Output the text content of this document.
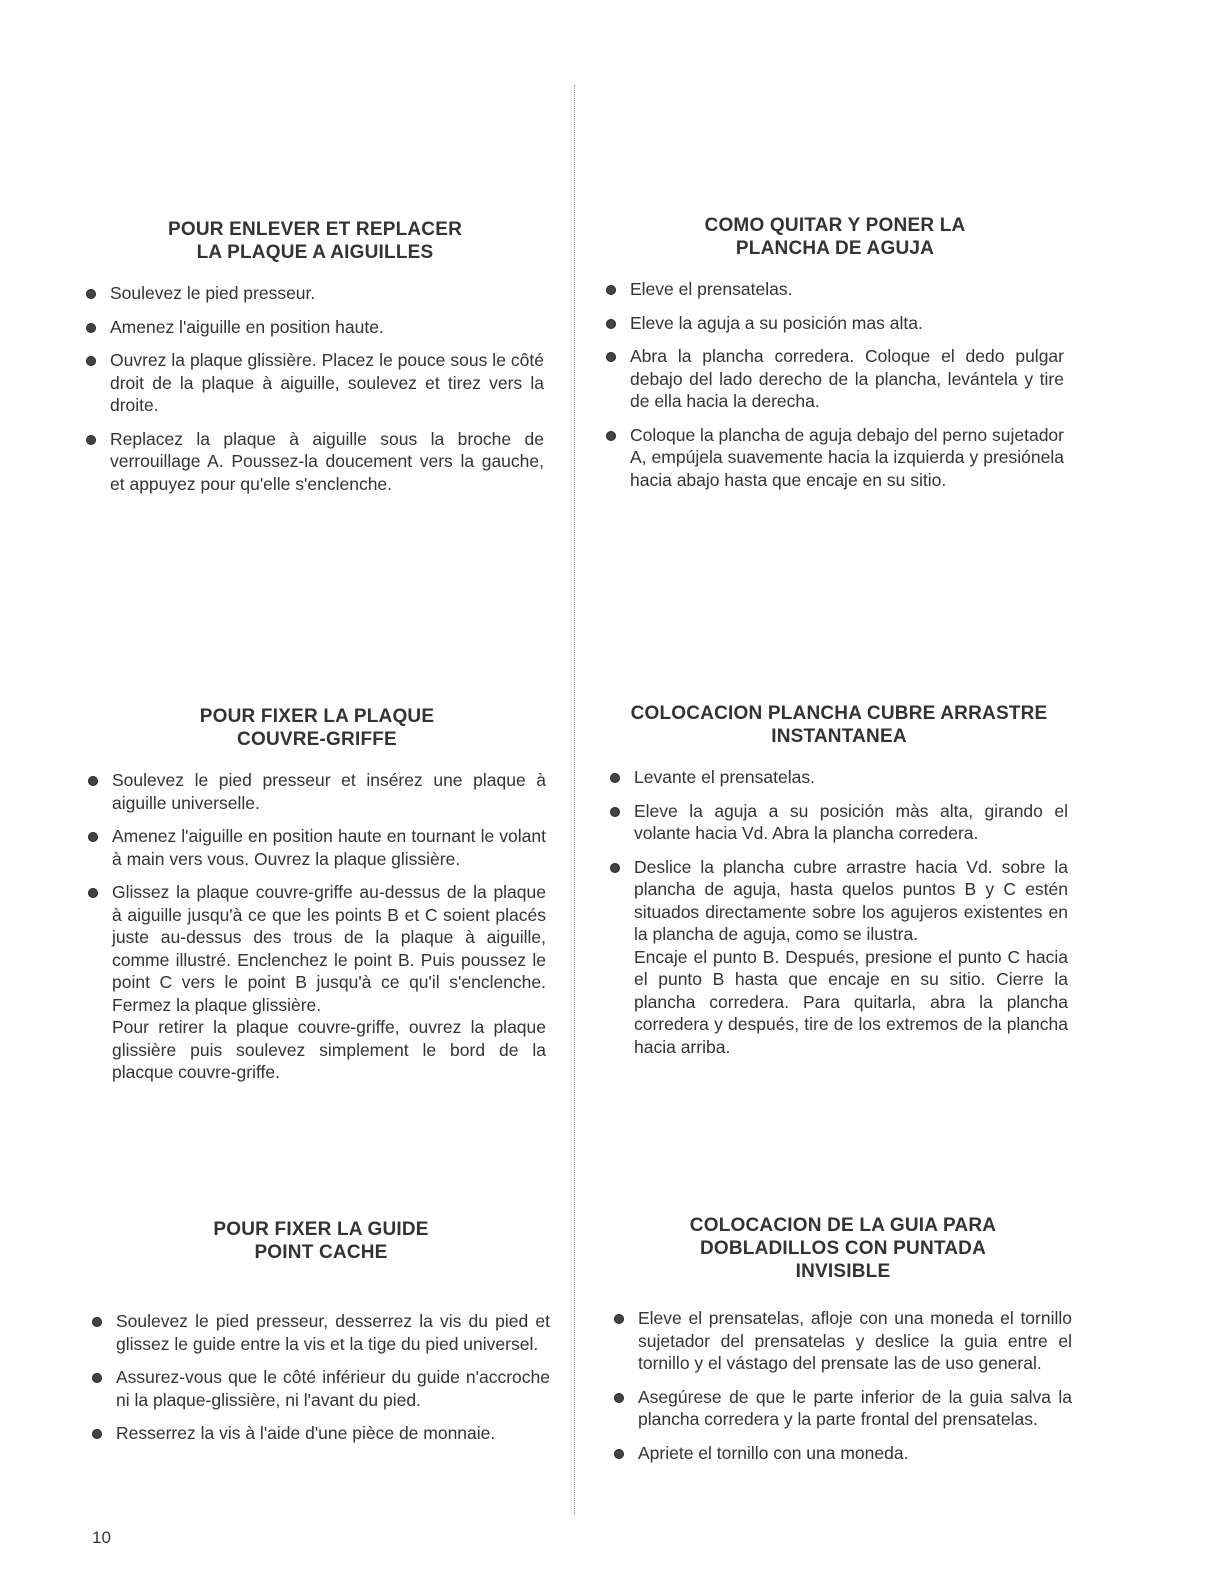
POUR ENLEVER ET REPLACER
LA PLAQUE A AIGUILLES

Soulevez le pied presseur.

Amenez l'aiguille en position haute.

Ouvrez la plaque glissière. Placez le pouce sous le côté droit de la plaque à aiguille, soulevez et tirez vers la droite.

Replacez la plaque à aiguille sous la broche de verrouillage A. Poussez-la doucement vers la gauche, et appuyez pour qu'elle s'enclenche.

POUR FIXER LA PLAQUE
COUVRE-GRIFFE

Soulevez le pied presseur et insérez une plaque à aiguille universelle.

Amenez l'aiguille en position haute en tournant le volant à main vers vous. Ouvrez la plaque glissière.

Glissez la plaque couvre-griffe au-dessus de la plaque à aiguille jusqu'à ce que les points B et C soient placés juste au-dessus des trous de la plaque à aiguille, comme illustré. Enclenchez le point B. Puis poussez le point C vers le point B jusqu'à ce qu'il s'enclenche. Fermez la plaque glissière.

Pour retirer la plaque couvre-griffe, ouvrez la plaque glissière puis soulevez simplement le bord de la placque couvre-griffe.

POUR FIXER LA GUIDE
POINT CACHE

Soulevez le pied presseur, desserrez la vis du pied et glissez le guide entre la vis et la tige du pied universel.

Assurez-vous que le côté inférieur du guide n'accroche ni la plaque-glissière, ni l'avant du pied.

Resserrez la vis à l'aide d'une pièce de monnaie.

COMO QUITAR Y PONER LA
PLANCHA DE AGUJA

Eleve el prensatelas.

Eleve la aguja a su posición mas alta.

Abra la plancha corredera. Coloque el dedo pulgar debajo del lado derecho de la plancha, levántela y tire de ella hacia la derecha.

Coloque la plancha de aguja debajo del perno sujetador A, empújela suavemente hacia la izquierda y presiónela hacia abajo hasta que encaje en su sitio.

COLOCACION PLANCHA CUBRE ARRASTRE
INSTANTANEA

Levante el prensatelas.

Eleve la aguja a su posición màs alta, girando el volante hacia Vd. Abra la plancha corredera.

Deslice la plancha cubre arrastre hacia Vd. sobre la plancha de aguja, hasta quelos puntos B y C estén situados directamente sobre los agujeros existentes en la plancha de aguja, como se ilustra.

Encaje el punto B. Después, presione el punto C hacia el punto B hasta que encaje en su sitio. Cierre la plancha corredera. Para quitarla, abra la plancha corredera y después, tire de los extremos de la plancha hacia arriba.

COLOCACION DE LA GUIA PARA
DOBLADILLOS CON PUNTADA
INVISIBLE

Eleve el prensatelas, afloje con una moneda el tornillo sujetador del prensatelas y deslice la guia entre el tornillo y el vástago del prensate las de uso general.

Asegúrese de que le parte inferior de la guia salva la plancha corredera y la parte frontal del prensatelas.

Apriete el tornillo con una moneda.

10
